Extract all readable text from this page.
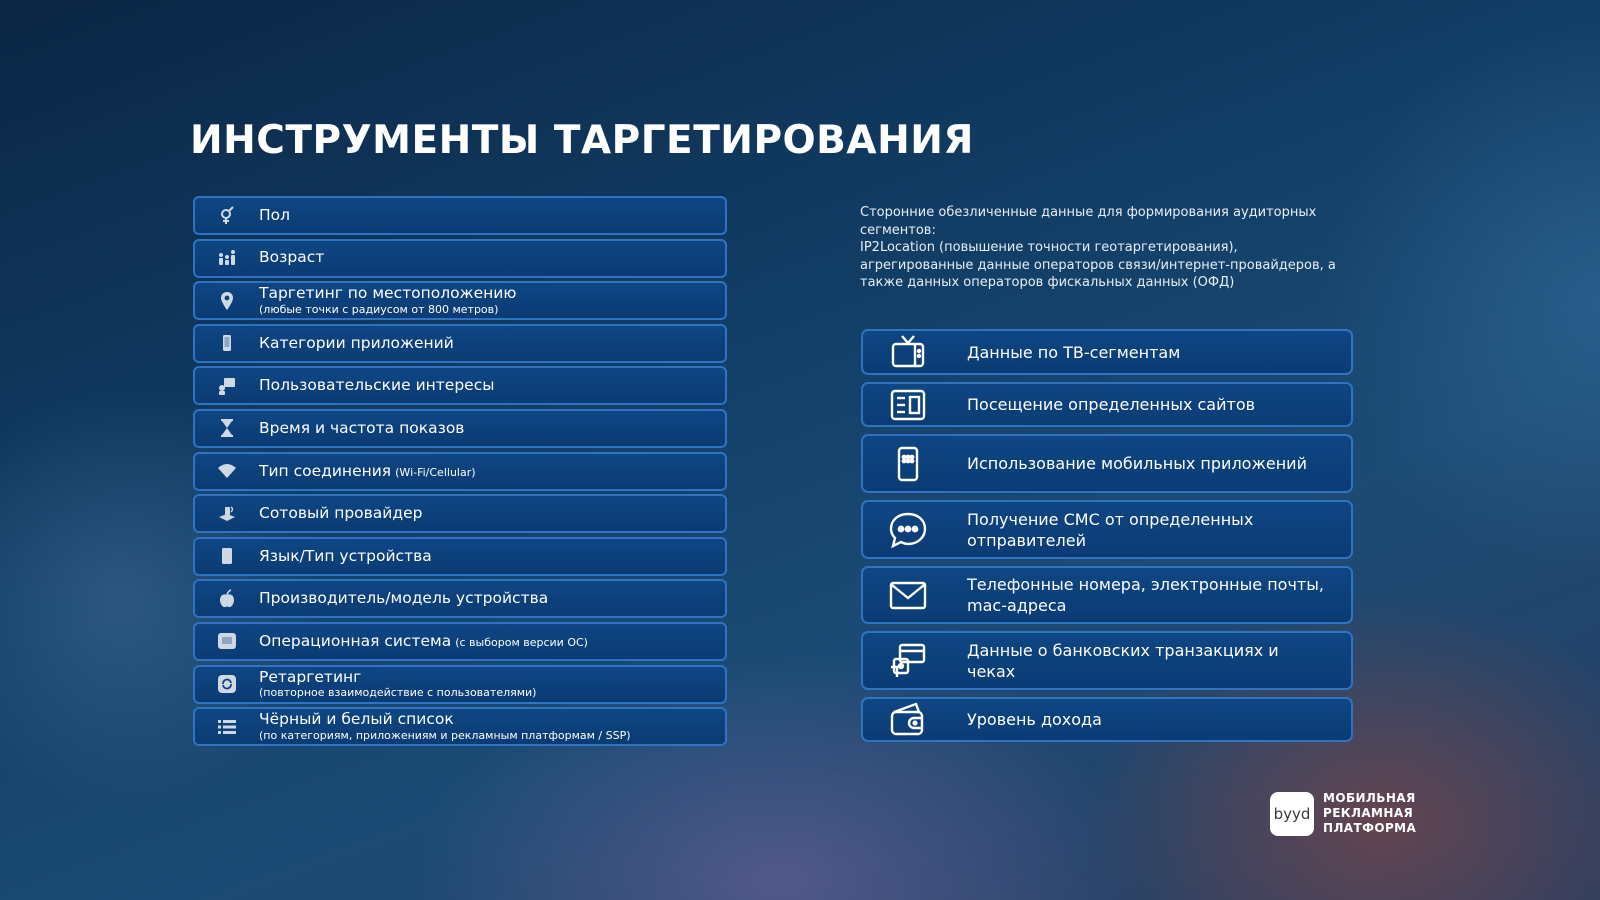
ИНСТРУМЕНТЫ ТАРГЕТИРОВАНИЯ
Пол
Возраст
Таргетинг по местоположению
(любые точки с радиусом от 800 метров)
Категории приложений
Пользовательские интересы
Время и частота показов
Тип соединения (Wi-Fi/Cellular)
Сотовый провайдер
Язык/Тип устройства
Производитель/модель устройства
Операционная система (с выбором версии ОС)
Ретаргетинг
(повторное взаимодействие с пользователями)
Чёрный и белый список
(по категориям, приложениям и рекламным платформам / SSP)

Сторонние обезличенные данные для формирования аудиторных сегментов:

IP2Location (повышение точности геотаргетирования), агрегированные данные операторов связи/интернет-провайдеров, а также данных операторов фискальных данных (ОФД)

Данные по ТВ-сегментам
Посещение определенных сайтов
Использование мобильных приложений
Получение СМС от определенных отправителей
Телефонные номера, электронные почты, mac-адреса
Данные о банковских транзакциях и чеках
Уровень дохода
byyd
МОБИЛЬНАЯ
РЕКЛАМНАЯ
ПЛАТФОРМА
